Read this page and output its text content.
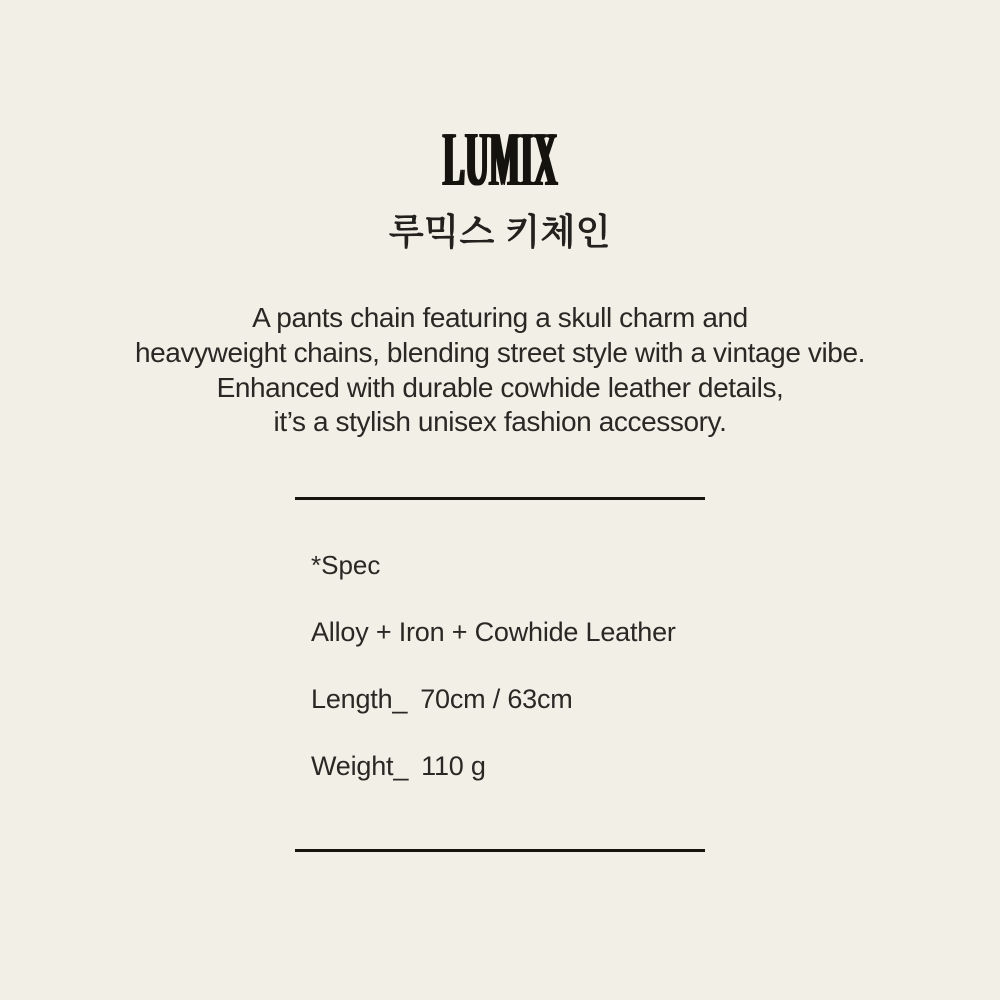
LUMIX
루믹스 키체인
A pants chain featuring a skull charm and
heavyweight chains, blending street style with a vintage vibe.
Enhanced with durable cowhide leather details,
it’s a stylish unisex fashion accessory.
*Spec
Alloy + Iron + Cowhide Leather
Length_ 70cm / 63cm
Weight_ 110 g
